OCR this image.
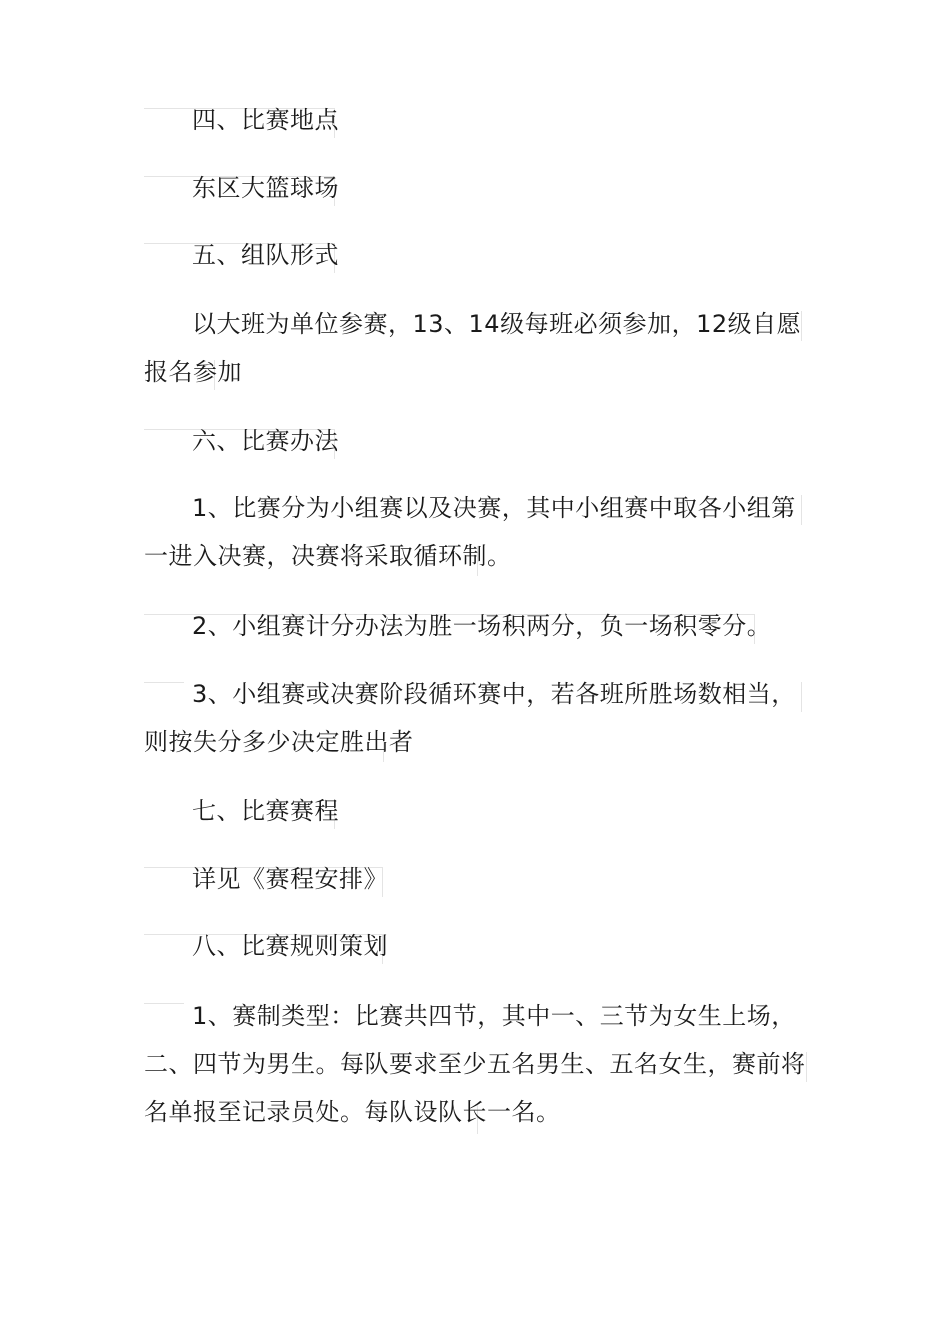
四、比赛地点
东区大篮球场
五、组队形式
以大班为单位参赛，13、14级每班必须参加，12级自愿报名参加
六、比赛办法
1、比赛分为小组赛以及决赛，其中小组赛中取各小组第一进入决赛，决赛将采取循环制。
2、小组赛计分办法为胜一场积两分，负一场积零分。
3、小组赛或决赛阶段循环赛中，若各班所胜场数相当，则按失分多少决定胜出者
七、比赛赛程
详见《赛程安排》
八、比赛规则策划
1、赛制类型：比赛共四节，其中一、三节为女生上场，二、四节为男生。每队要求至少五名男生、五名女生，赛前将名单报至记录员处。每队设队长一名。
